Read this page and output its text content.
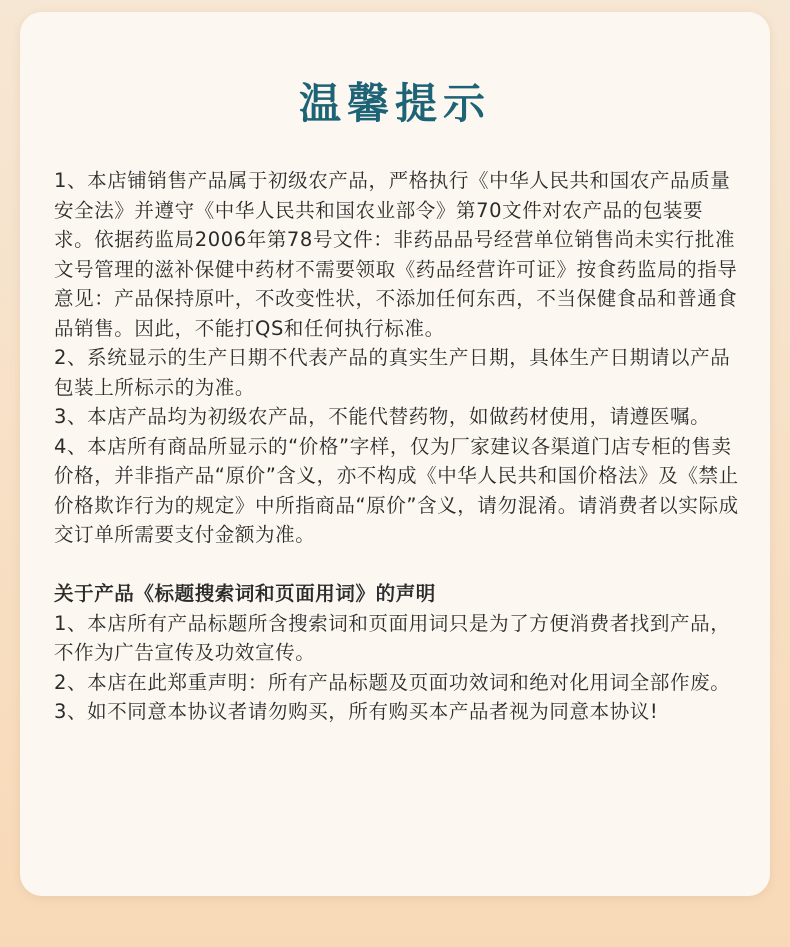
温馨提示

1、本店铺销售产品属于初级农产品，严格执行《中华人民共和国农产品质量安全法》并遵守《中华人民共和国农业部令》第70文件对农产品的包装要求。依据药监局2006年第78号文件：非药品品号经营单位销售尚未实行批准文号管理的滋补保健中药材不需要领取《药品经营许可证》按食药监局的指导意见：产品保持原叶，不改变性状，不添加任何东西，不当保健食品和普通食品销售。因此，不能打QS和任何执行标准。

2、系统显示的生产日期不代表产品的真实生产日期，具体生产日期请以产品包装上所标示的为准。

3、本店产品均为初级农产品，不能代替药物，如做药材使用，请遵医嘱。

4、本店所有商品所显示的“价格”字样，仅为厂家建议各渠道门店专柜的售卖价格，并非指产品“原价”含义，亦不构成《中华人民共和国价格法》及《禁止价格欺诈行为的规定》中所指商品“原价”含义，请勿混淆。请消费者以实际成交订单所需要支付金额为准。

关于产品《标题搜索词和页面用词》的声明

1、本店所有产品标题所含搜索词和页面用词只是为了方便消费者找到产品，不作为广告宣传及功效宣传。

2、本店在此郑重声明：所有产品标题及页面功效词和绝对化用词全部作废。

3、如不同意本协议者请勿购买，所有购买本产品者视为同意本协议!
